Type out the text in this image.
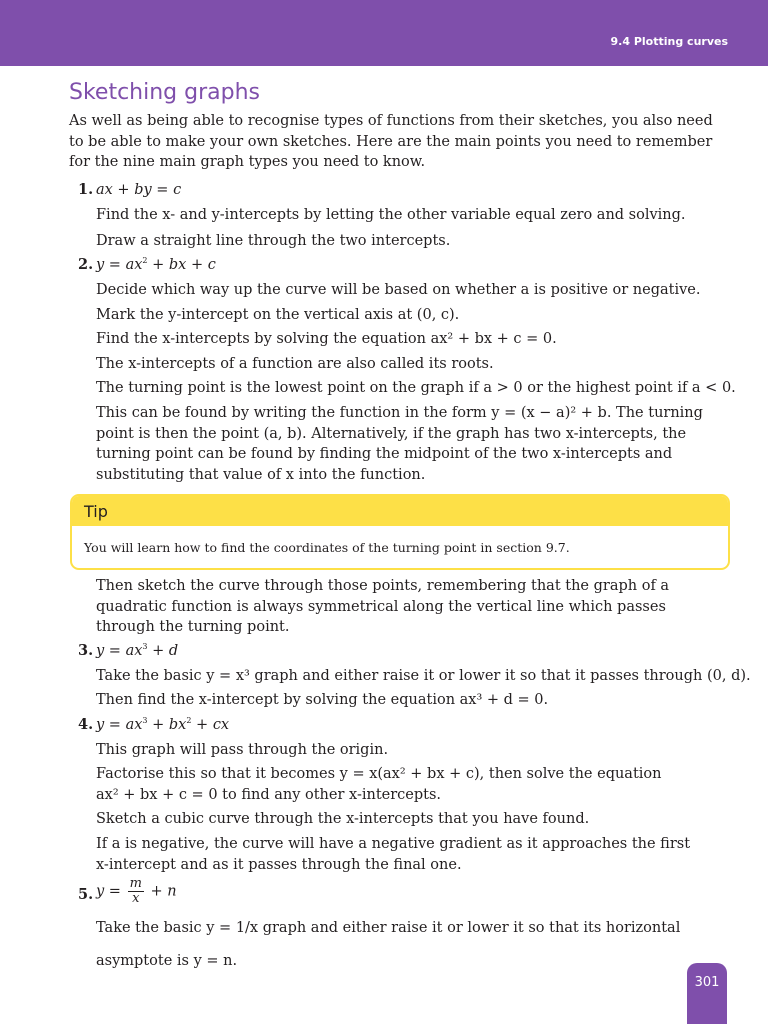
9.4 Plotting curves
Sketching graphs
As well as being able to recognise types of functions from their sketches, you also need to be able to make your own sketches. Here are the main points you need to remember for the nine main graph types you need to know.
1. ax + by = c
Find the x- and y-intercepts by letting the other variable equal zero and solving.
Draw a straight line through the two intercepts.
2. $y = ax^2$ + bx + c
Decide which way up the curve will be based on whether a is positive or negative.
Mark the y-intercept on the vertical axis at (0, c).
Find the x-intercepts by solving the equation ax² + bx + c = 0.
The x-intercepts of a function are also called its roots.
The turning point is the lowest point on the graph if a > 0 or the highest point if a < 0.
This can be found by writing the function in the form y = (x − a)² + b. The turning point is then the point (a, b). Alternatively, if the graph has two x-intercepts, the turning point can be found by finding the midpoint of the two x-intercepts and substituting that value of x into the function.
Tip
You will learn how to find the coordinates of the turning point in section 9.7.
Then sketch the curve through those points, remembering that the graph of a quadratic function is always symmetrical along the vertical line which passes through the turning point.
3. $y = ax^3 + d$
Take the basic y = x³ graph and either raise it or lower it so that it passes through (0, d).
Then find the x-intercept by solving the equation ax³ + d = 0.
4. $y = ax^3 + bx^2$ + cx
This graph will pass through the origin.
Factorise this so that it becomes y = x(ax² + bx + c), then solve the equation ax² + bx + c = 0 to find any other x-intercepts.
Sketch a cubic curve through the x-intercepts that you have found.
If a is negative, the curve will have a negative gradient as it approaches the first x-intercept and as it passes through the final one.
5. $y = \frac{m}{x} + n$
Take the basic y = 1/x graph and either raise it or lower it so that its horizontal
asymptote is y = n.
301
